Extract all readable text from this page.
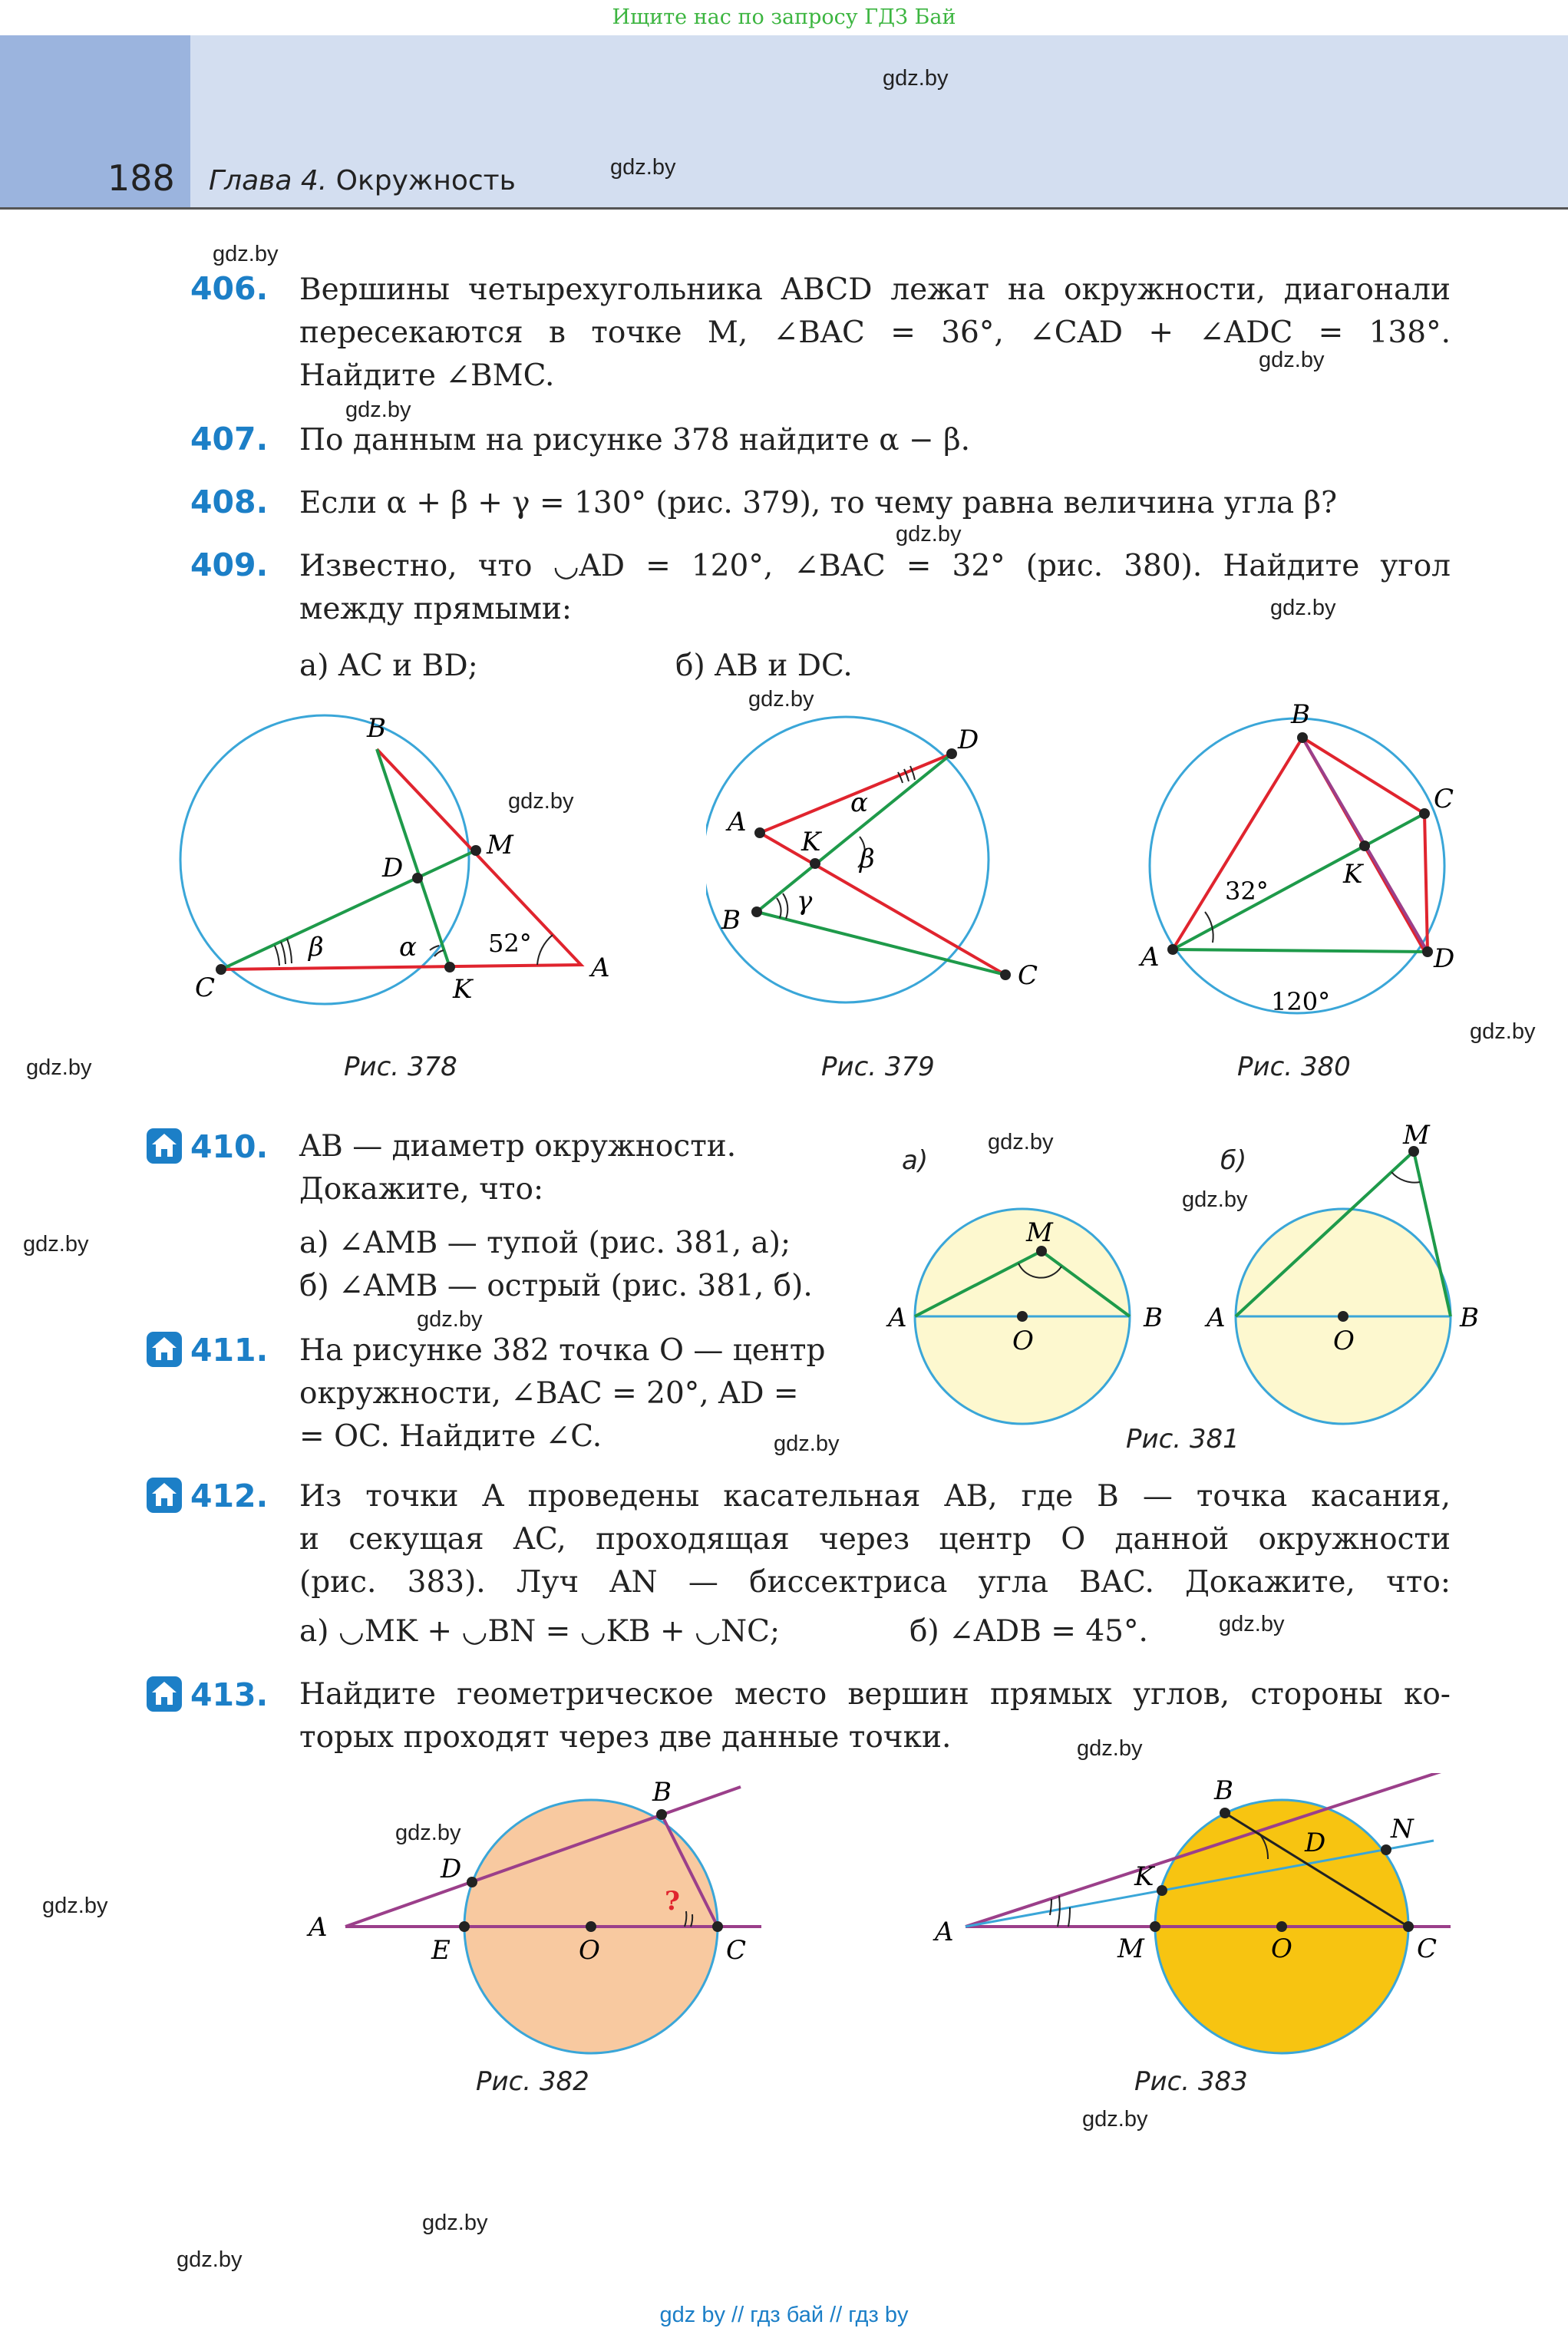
Ищите нас по запросу ГДЗ Бай
188 Глава 4. Окружность
gdz.by
gdz.by
gdz.by
gdz.by
gdz.by
gdz.by
gdz.by
gdz.by
gdz.by
gdz.by
gdz.by
gdz.by
gdz.by
gdz.by
gdz.by
gdz.by
gdz.by
gdz.by
gdz.by
gdz.by
gdz.by
gdz.by
gdz.by
406. Вершины четырехугольника ABCD лежат на окружности, диагонали
пересекаются в точке M, ∠BAC = 36°, ∠CAD + ∠ADC = 138°.
Найдите ∠BMC.
407. По данным на рисунке 378 найдите α − β.
408. Если α + β + γ = 130° (рис. 379), то чему равна величина угла β?
409. Известно, что ◡AD = 120°, ∠BAC = 32° (рис. 380). Найдите угол
между прямыми:
а) AC и BD;	б) AB и DC.
B
M
D
C	K
A
β	α	52°
Рис. 378
D
A
K
B
C
α
β
γ
Рис. 379
B
C
K
A	D
32°
120°
Рис. 380
410. AB — диаметр окружности.
Докажите, что:
а) ∠AMB — тупой (рис. 381, а);
б) ∠AMB — острый (рис. 381, б).
411. На рисунке 382 точка O — центр
окружности, ∠BAC = 20°, AD =
= OC. Найдите ∠C.
а)	б)
M
A	B
O
M
A	B
O
Рис. 381
412. Из точки A проведены касательная AB, где B — точка касания,
и секущая AC, проходящая через центр O данной окружности
(рис. 383). Луч AN — биссектриса угла BAC. Докажите, что:
а) ◡MK + ◡BN = ◡KB + ◡NC;	б) ∠ADB = 45°.
413. Найдите геометрическое место вершин прямых углов, стороны ко-
торых проходят через две данные точки.
B
D
A
E	O	C
?
Рис. 382
B
N
D
K
A
M	O	C
Рис. 383
gdz by // гдз бай // гдз by
